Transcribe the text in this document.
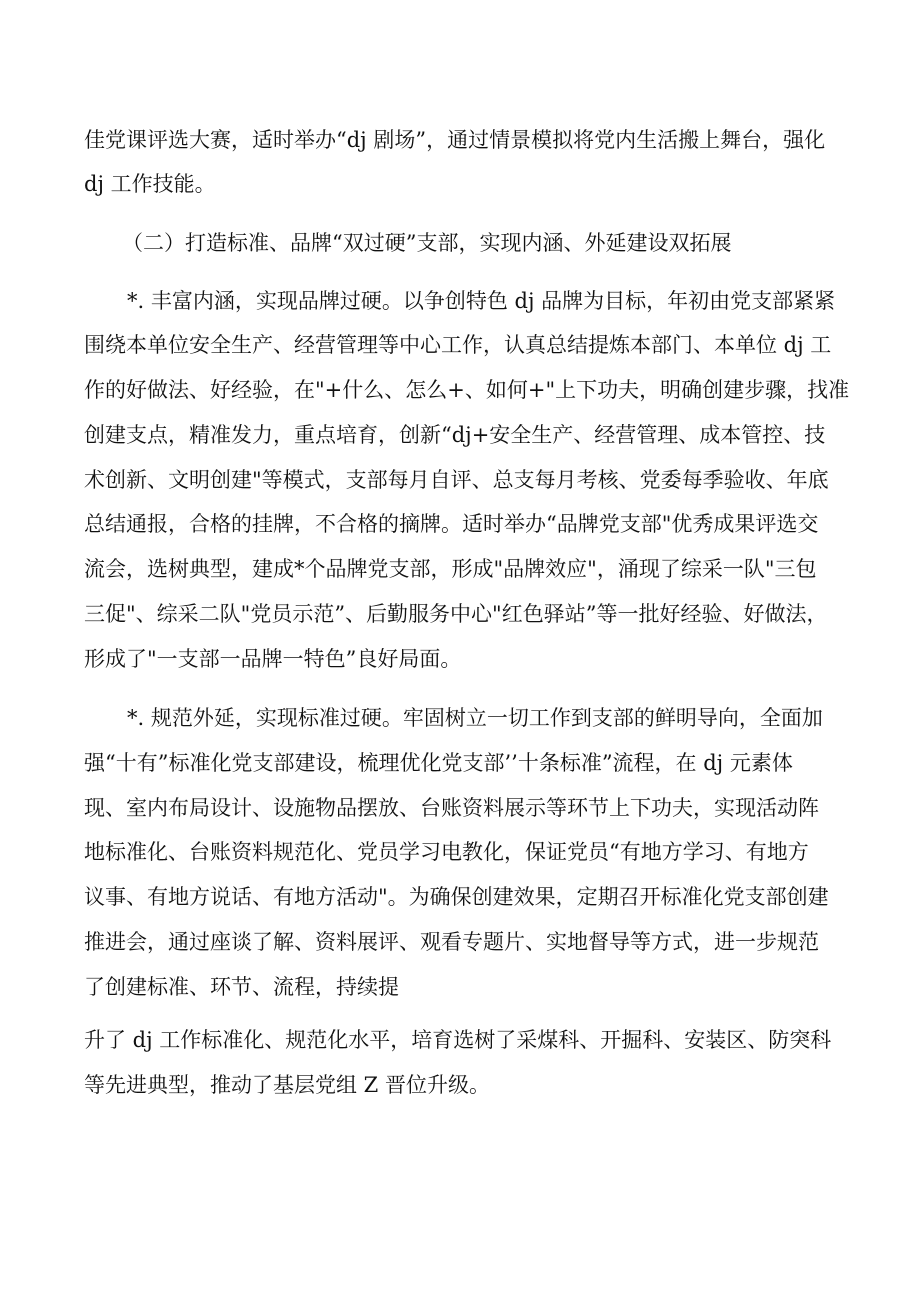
佳党课评选大赛，适时举办“dj 剧场”，通过情景模拟将党内生活搬上舞台，强化
dj 工作技能。
（二）打造标准、品牌“双过硬”支部，实现内涵、外延建设双拓展
*. 丰富内涵，实现品牌过硬。以争创特色 dj 品牌为目标，年初由党支部紧紧
围绕本单位安全生产、经营管理等中心工作，认真总结提炼本部门、本单位 dj 工
作的好做法、好经验，在"+什么、怎么+、如何+"上下功夫，明确创建步骤，找准
创建支点，精准发力，重点培育，创新“dj+安全生产、经营管理、成本管控、技
术创新、文明创建"等模式，支部每月自评、总支每月考核、党委每季验收、年底
总结通报，合格的挂牌，不合格的摘牌。适时举办“品牌党支部"优秀成果评选交
流会，选树典型，建成*个品牌党支部，形成"品牌效应"，涌现了综采一队"三包
三促"、综采二队"党员示范”、后勤服务中心"红色驿站”等一批好经验、好做法，
形成了"一支部一品牌一特色”良好局面。
*. 规范外延，实现标准过硬。牢固树立一切工作到支部的鲜明导向，全面加
强“十有”标准化党支部建设，梳理优化党支部’’十条标准”流程，在 dj 元素体
现、室内布局设计、设施物品摆放、台账资料展示等环节上下功夫，实现活动阵
地标准化、台账资料规范化、党员学习电教化，保证党员“有地方学习、有地方
议事、有地方说话、有地方活动"。为确保创建效果，定期召开标准化党支部创建
推进会，通过座谈了解、资料展评、观看专题片、实地督导等方式，进一步规范
了创建标准、环节、流程，持续提
升了 dj 工作标准化、规范化水平，培育选树了采煤科、开掘科、安装区、防突科
等先进典型，推动了基层党组 Z 晋位升级。
